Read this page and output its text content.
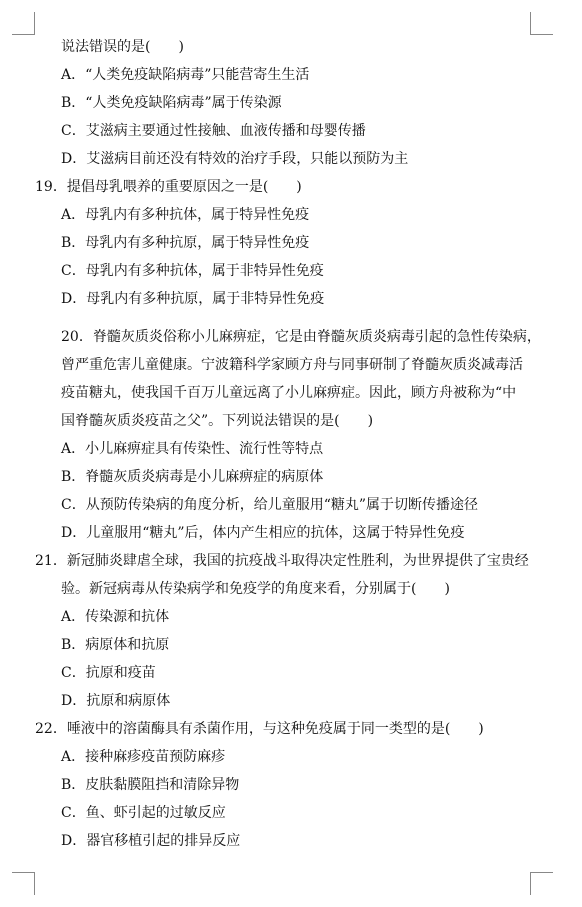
说法错误的是(　　)
A．“人类免疫缺陷病毒”只能营寄生生活
B．“人类免疫缺陷病毒”属于传染源
C．艾滋病主要通过性接触、血液传播和母婴传播
D．艾滋病目前还没有特效的治疗手段，只能以预防为主
19．提倡母乳喂养的重要原因之一是(　　)
A．母乳内有多种抗体，属于特异性免疫
B．母乳内有多种抗原，属于特异性免疫
C．母乳内有多种抗体，属于非特异性免疫
D．母乳内有多种抗原，属于非特异性免疫
20．脊髓灰质炎俗称小儿麻痹症，它是由脊髓灰质炎病毒引起的急性传染病，
曾严重危害儿童健康。宁波籍科学家顾方舟与同事研制了脊髓灰质炎减毒活
疫苗糖丸，使我国千百万儿童远离了小儿麻痹症。因此，顾方舟被称为“中
国脊髓灰质炎疫苗之父”。下列说法错误的是(　　)
A．小儿麻痹症具有传染性、流行性等特点
B．脊髓灰质炎病毒是小儿麻痹症的病原体
C．从预防传染病的角度分析，给儿童服用“糖丸”属于切断传播途径
D．儿童服用“糖丸”后，体内产生相应的抗体，这属于特异性免疫
21．新冠肺炎肆虐全球，我国的抗疫战斗取得决定性胜利，为世界提供了宝贵经
验。新冠病毒从传染病学和免疫学的角度来看，分别属于(　　)
A．传染源和抗体
B．病原体和抗原
C．抗原和疫苗
D．抗原和病原体
22．唾液中的溶菌酶具有杀菌作用，与这种免疫属于同一类型的是(　　)
A．接种麻疹疫苗预防麻疹
B．皮肤黏膜阻挡和清除异物
C．鱼、虾引起的过敏反应
D．器官移植引起的排异反应
